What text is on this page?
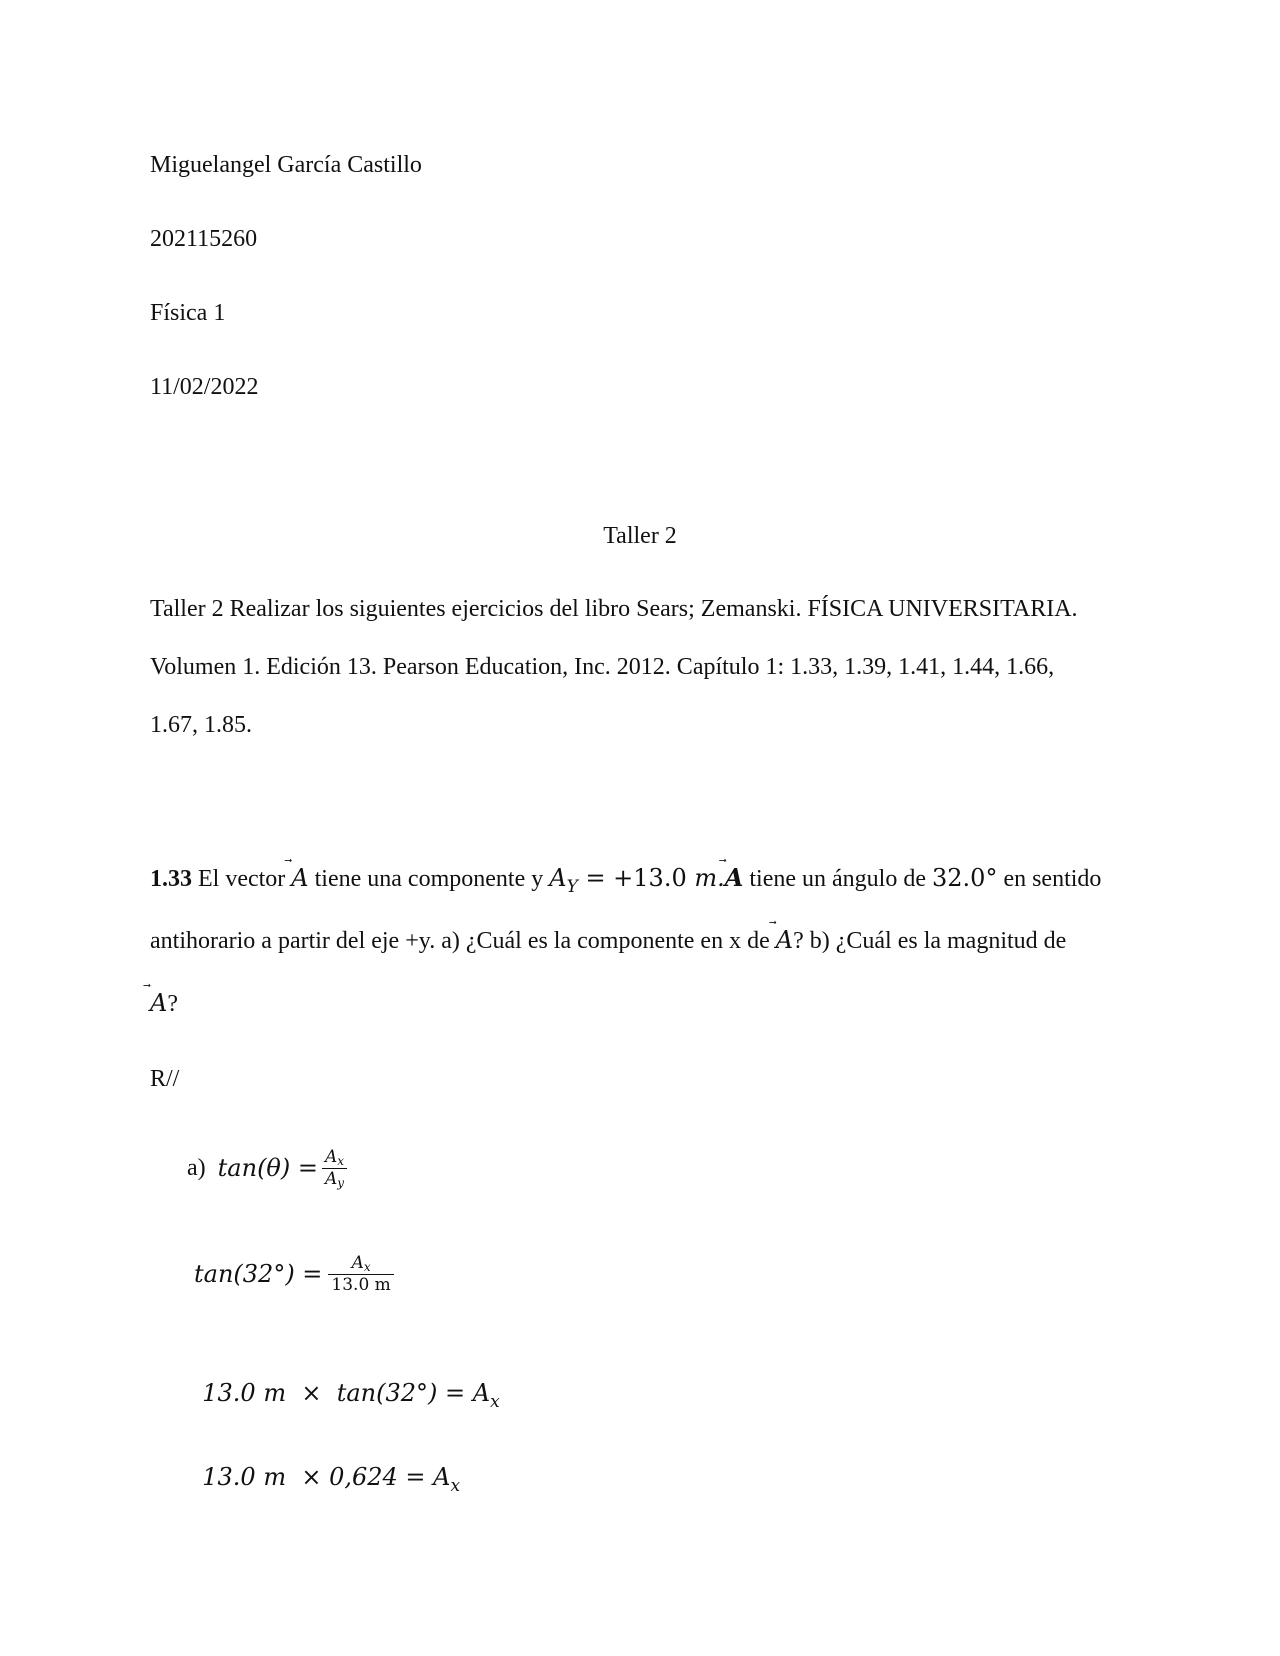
Miguelangel García Castillo
202115260
Física 1
11/02/2022
Taller 2
Taller 2 Realizar los siguientes ejercicios del libro Sears; Zemanski. FÍSICA UNIVERSITARIA.
Volumen 1. Edición 13. Pearson Education, Inc. 2012. Capítulo 1: 1.33, 1.39, 1.41, 1.44, 1.66,
1.67, 1.85.
1.33 El vector
A tiene una componente y $A_Y = +13.0$ m.
A tiene un ángulo de 32.0° en sentido
antihorario a partir del eje +y. a) ¿Cuál es la componente en x de
A? b) ¿Cuál es la magnitud de
A?
R//
a) $\tan(\theta) = \frac{Ax}{Ay}$
$\tan(32^\circ) = \frac{Ax}{13.0 m}$

13.0 $m \times \tan(32^\circ) = A_x$

13.0 $m \times 0,624 = A_x$
